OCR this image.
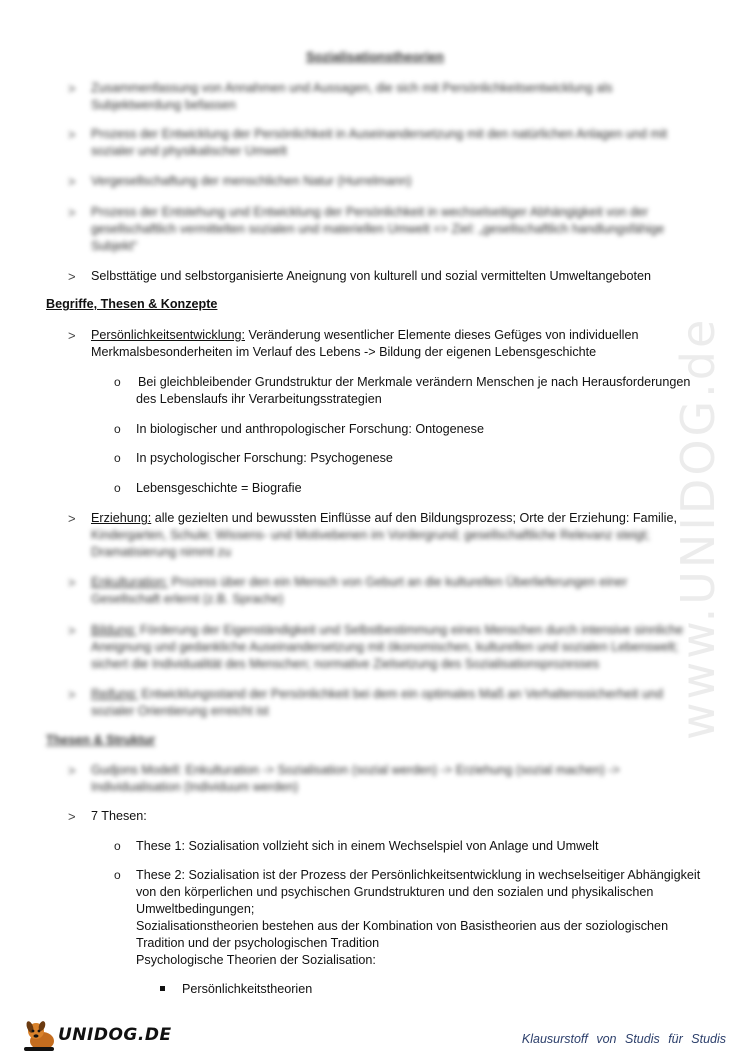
www.UNIDOG.de
Sozialisationstheorien
> Zusammenfassung von Annahmen und Aussagen, die sich mit Persönlichkeitsentwicklung als
Subjektwerdung befassen
> Prozess der Entwicklung der Persönlichkeit in Auseinandersetzung mit den natürlichen Anlagen und mit
sozialer und physikalischer Umwelt
> Vergesellschaftung der menschlichen Natur (Hurrelmann)
> Prozess der Entstehung und Entwicklung der Persönlichkeit in wechselseitiger Abhängigkeit von der
gesellschaftlich vermittelten sozialen und materiellen Umwelt => Ziel: „gesellschaftlich handlungsfähige
Subjekt“
> Selbsttätige und selbstorganisierte Aneignung von kulturell und sozial vermittelten Umweltangeboten
Begriffe, Thesen & Konzepte
> Persönlichkeitsentwicklung: Veränderung wesentlicher Elemente dieses Gefüges von individuellen
Merkmalsbesonderheiten im Verlauf des Lebens -> Bildung der eigenen Lebensgeschichte
o Bei gleichbleibender Grundstruktur der Merkmale verändern Menschen je nach Herausforderungen
des Lebenslaufs ihr Verarbeitungsstrategien
o In biologischer und anthropologischer Forschung: Ontogenese
o In psychologischer Forschung: Psychogenese
o Lebensgeschichte = Biografie
> Erziehung: alle gezielten und bewussten Einflüsse auf den Bildungsprozess; Orte der Erziehung: Familie,
Kindergarten, Schule; Wissens- und Motivebenen im Vordergrund; gesellschaftliche Relevanz steigt;
Dramatisierung nimmt zu
> Enkulturation: Prozess über den ein Mensch von Geburt an die kulturellen Überlieferungen einer
Gesellschaft erlernt (z.B. Sprache)
> Bildung: Förderung der Eigenständigkeit und Selbstbestimmung eines Menschen durch intensive sinnliche
Aneignung und gedankliche Auseinandersetzung mit ökonomischen, kulturellen und sozialen Lebenswelt;
sichert die Individualität des Menschen; normative Zielsetzung des Sozialisationsprozesses
> Reifung: Entwicklungsstand der Persönlichkeit bei dem ein optimales Maß an Verhaltenssicherheit und
sozialer Orientierung erreicht ist
Thesen & Struktur
> Gudjons Modell: Enkulturation -> Sozialisation (sozial werden) -> Erziehung (sozial machen) ->
Individualisation (Individuum werden)
> 7 Thesen:
o These 1: Sozialisation vollzieht sich in einem Wechselspiel von Anlage und Umwelt
o These 2: Sozialisation ist der Prozess der Persönlichkeitsentwicklung in wechselseitiger Abhängigkeit
von den körperlichen und psychischen Grundstrukturen und den sozialen und physikalischen
Umweltbedingungen;
Sozialisationstheorien bestehen aus der Kombination von Basistheorien aus der soziologischen
Tradition und der psychologischen Tradition
Psychologische Theorien der Sozialisation:
Persönlichkeitstheorien
UNIDOG.DE	Klausurstoff von Studis für Studis
